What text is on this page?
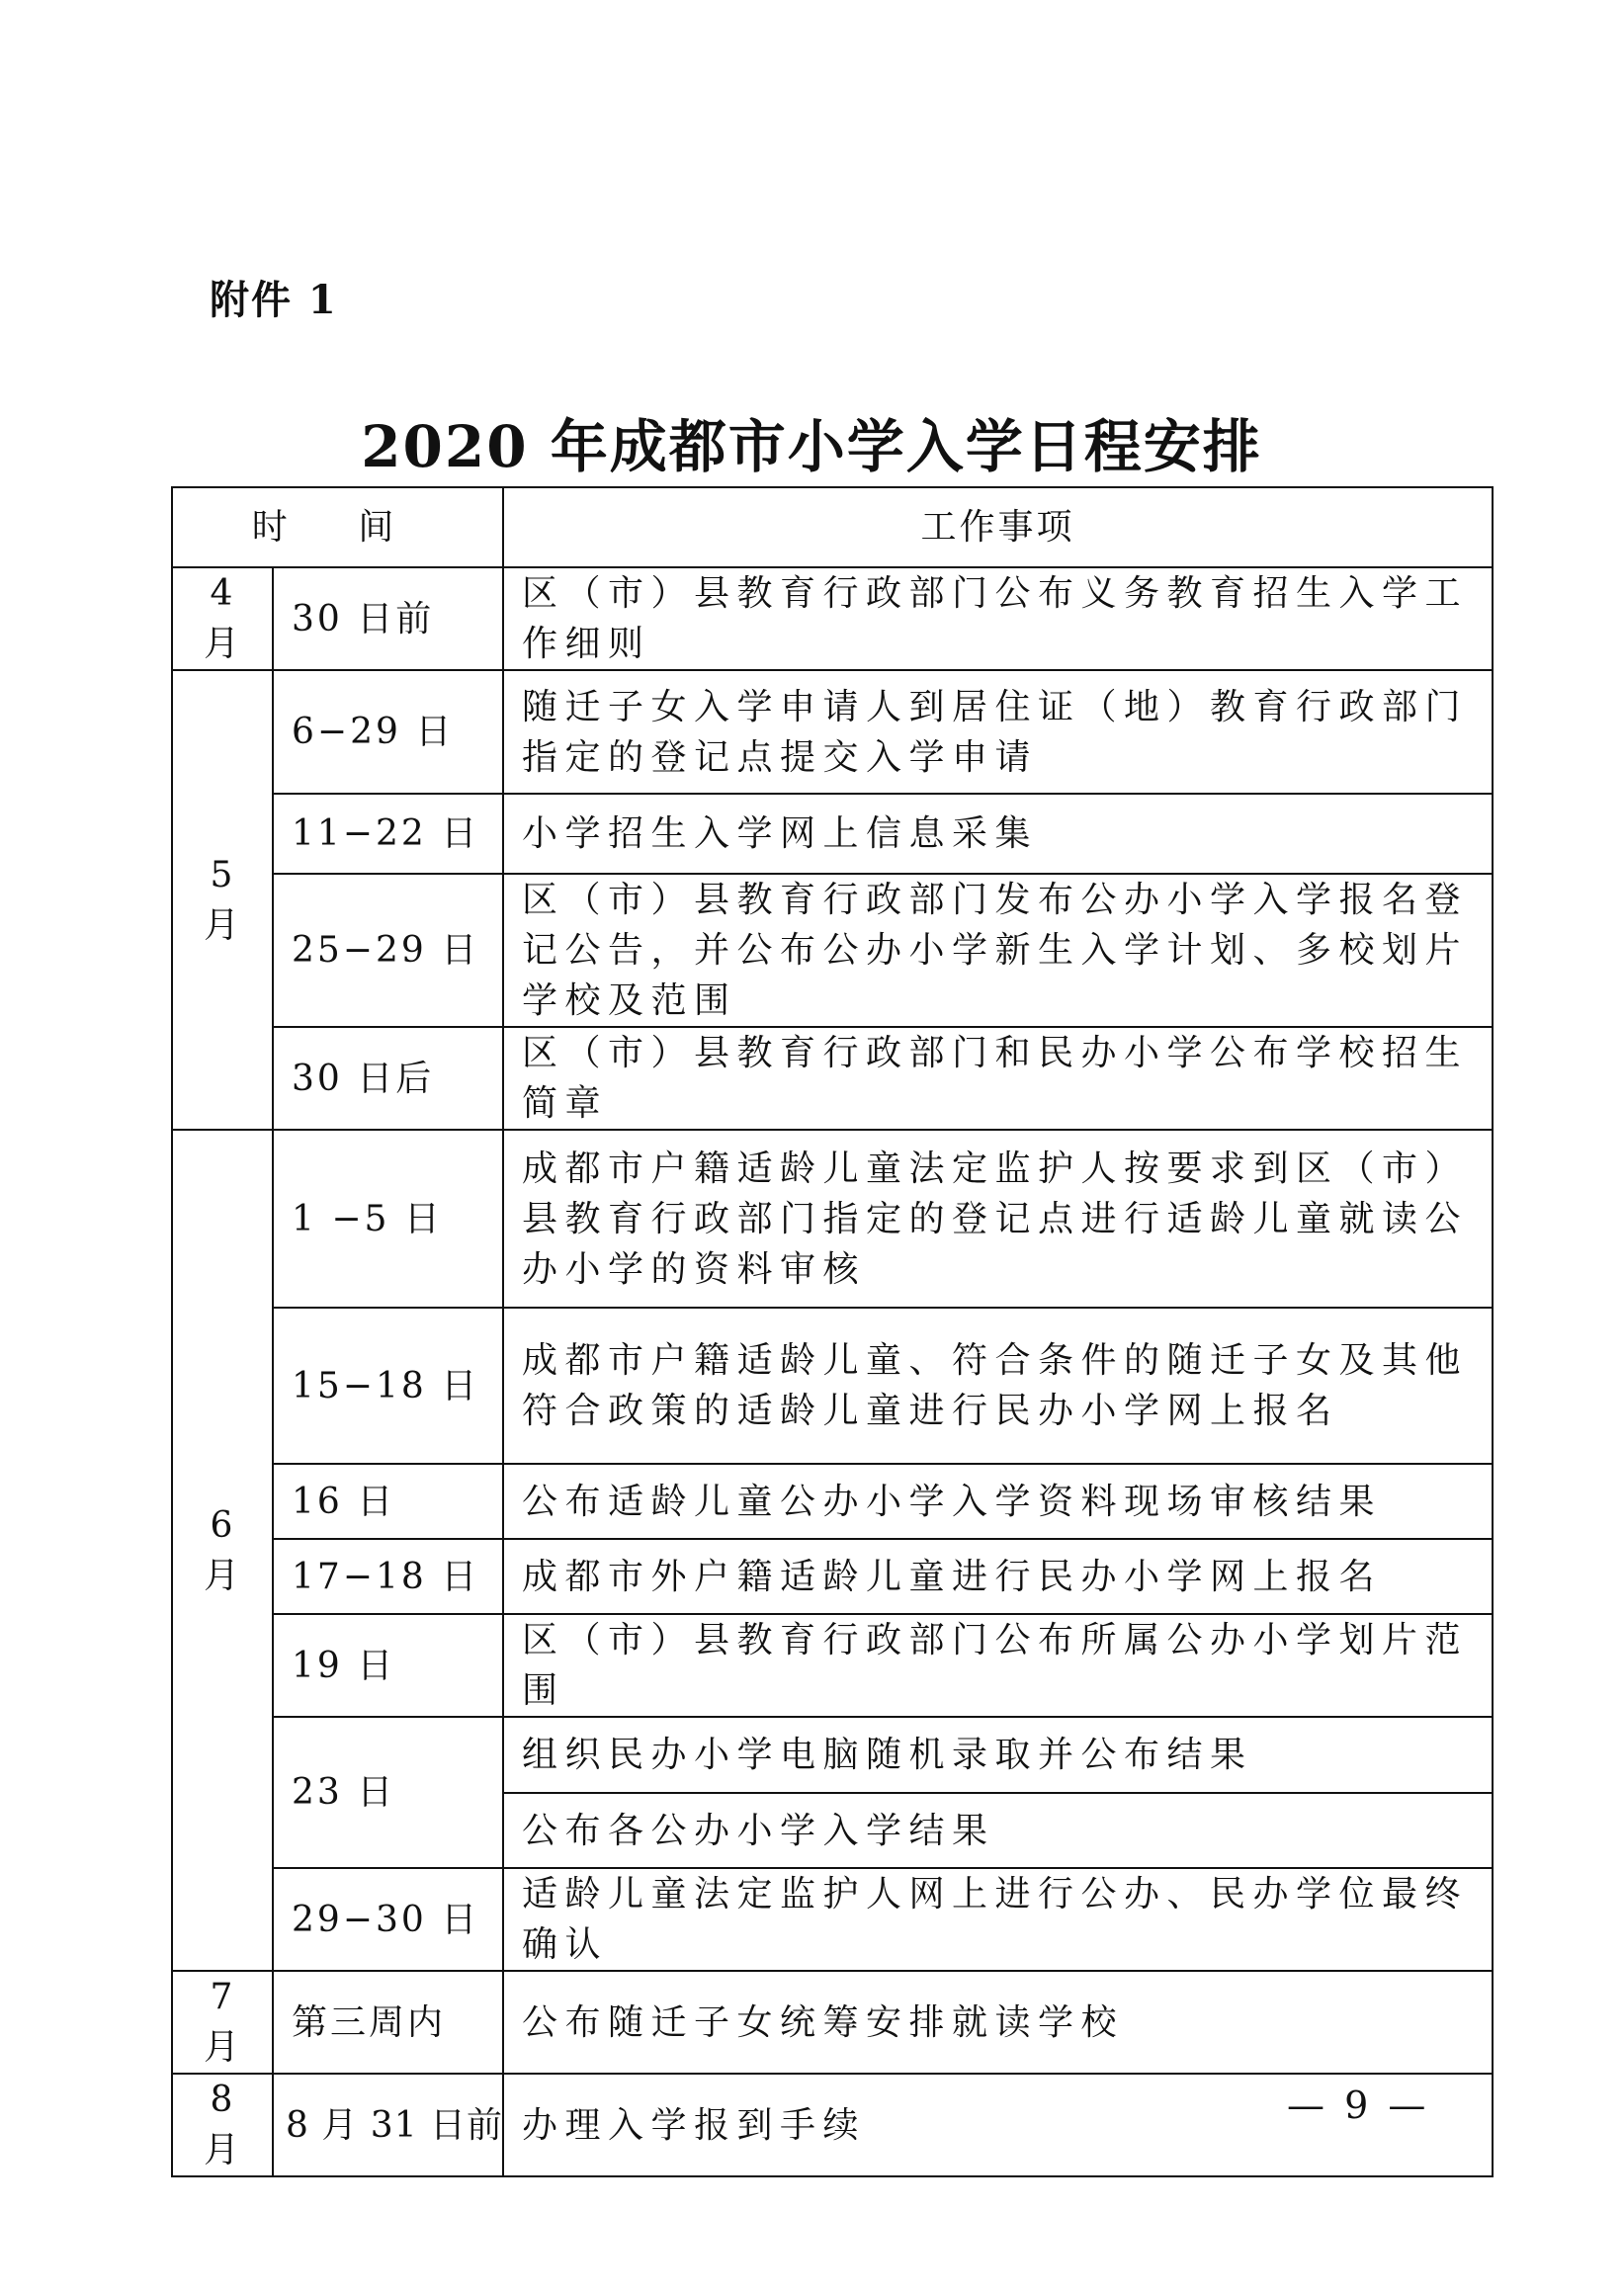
附件 1
2020 年成都市小学入学日程安排
时 间		工作事项
4 月	30 日前	区（市）县教育行政部门公布义务教育招生入学工作细则
5 月	6−29 日	随迁子女入学申请人到居住证（地）教育行政部门指定的登记点提交入学申请
	11−22 日	小学招生入学网上信息采集
	25−29 日	区（市）县教育行政部门发布公办小学入学报名登记公告，并公布公办小学新生入学计划、多校划片学校及范围
	30 日后	区（市）县教育行政部门和民办小学公布学校招生简章
6 月	1 −5 日	成都市户籍适龄儿童法定监护人按要求到区（市）县教育行政部门指定的登记点进行适龄儿童就读公办小学的资料审核
	15−18 日	成都市户籍适龄儿童、符合条件的随迁子女及其他符合政策的适龄儿童进行民办小学网上报名
	16 日	公布适龄儿童公办小学入学资料现场审核结果
	17−18 日	成都市外户籍适龄儿童进行民办小学网上报名
	19 日	区（市）县教育行政部门公布所属公办小学划片范围
	23 日	组织民办小学电脑随机录取并公布结果
		公布各公办小学入学结果
	29−30 日	适龄儿童法定监护人网上进行公办、民办学位最终确认
7 月	第三周内	公布随迁子女统筹安排就读学校
8 月	8 月 31 日前	办理入学报到手续	— 9 —
